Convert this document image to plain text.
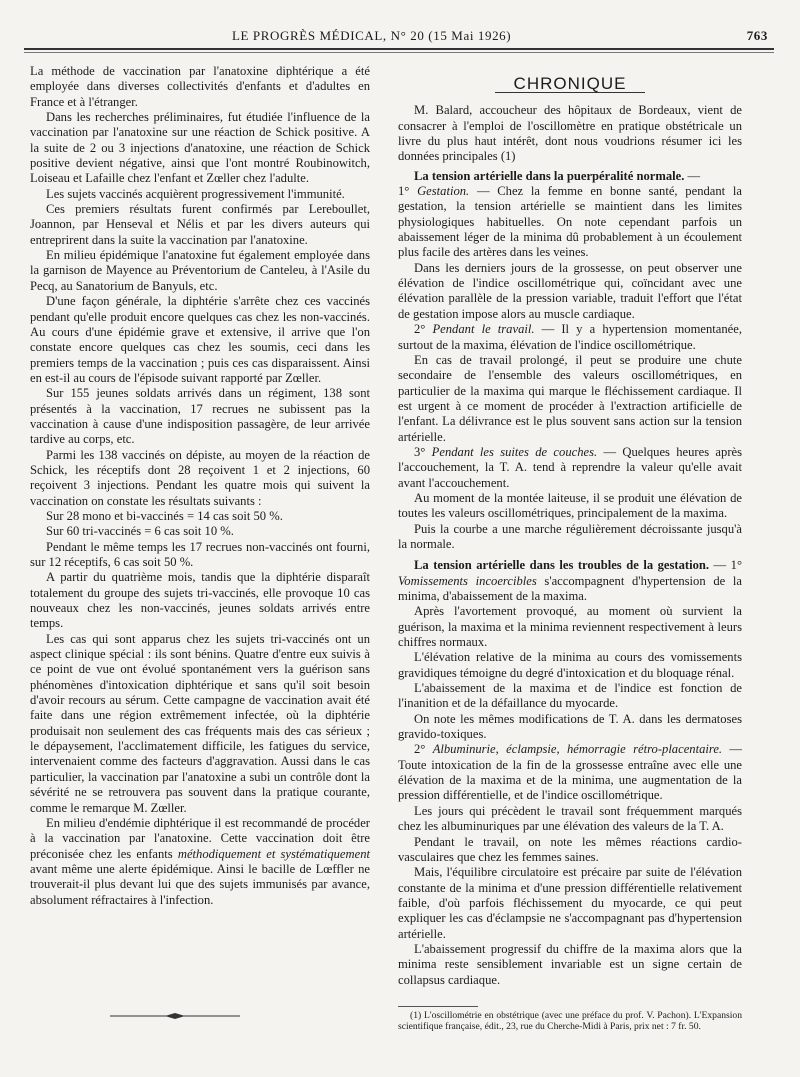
LE PROGRÈS MÉDICAL, N° 20 (15 Mai 1926)	763

La méthode de vaccination par l'anatoxine diphtérique a été employée dans diverses collectivités d'enfants et d'adultes en France et à l'étranger.

Dans les recherches préliminaires, fut étudiée l'influence de la vaccination par l'anatoxine sur une réaction de Schick positive. A la suite de 2 ou 3 injections d'anatoxine, une réaction de Schick positive devient négative, ainsi que l'ont montré Roubinowitch, Loiseau et Lafaille chez l'enfant et Zœller chez l'adulte.

Les sujets vaccinés acquièrent progressivement l'immunité.

Ces premiers résultats furent confirmés par Lereboullet, Joannon, par Henseval et Nélis et par les divers auteurs qui entreprirent dans la suite la vaccination par l'anatoxine.

En milieu épidémique l'anatoxine fut également employée dans la garnison de Mayence au Préventorium de Canteleu, à l'Asile du Pecq, au Sanatorium de Banyuls, etc.

D'une façon générale, la diphtérie s'arrête chez ces vaccinés pendant qu'elle produit encore quelques cas chez les non-vaccinés. Au cours d'une épidémie grave et extensive, il arrive que l'on constate encore quelques cas chez les soumis, ceci dans les premiers temps de la vaccination ; puis ces cas disparaissent. Ainsi en est-il au cours de l'épisode suivant rapporté par Zœller.

Sur 155 jeunes soldats arrivés dans un régiment, 138 sont présentés à la vaccination, 17 recrues ne subissent pas la vaccination à cause d'une indisposition passagère, de leur arrivée tardive au corps, etc.

Parmi les 138 vaccinés on dépiste, au moyen de la réaction de Schick, les réceptifs dont 28 reçoivent 1 et 2 injections, 60 reçoivent 3 injections. Pendant les quatre mois qui suivent la vaccination on constate les résultats suivants :

Sur 28 mono et bi-vaccinés = 14 cas soit 50 %.

Sur 60 tri-vaccinés = 6 cas soit 10 %.

Pendant le même temps les 17 recrues non-vaccinés ont fourni, sur 12 réceptifs, 6 cas soit 50 %.

A partir du quatrième mois, tandis que la diphtérie disparaît totalement du groupe des sujets tri-vaccinés, elle provoque 10 cas nouveaux chez les non-vaccinés, jeunes soldats arrivés entre temps.

Les cas qui sont apparus chez les sujets tri-vaccinés ont un aspect clinique spécial : ils sont bénins. Quatre d'entre eux suivis à ce point de vue ont évolué spontanément vers la guérison sans phénomènes d'intoxication diphtérique et sans qu'il soit besoin d'avoir recours au sérum. Cette campagne de vaccination avait été faite dans une région extrêmement infectée, où la diphtérie produisait non seulement des cas fréquents mais des cas sérieux ; le dépaysement, l'acclimatement difficile, les fatigues du service, intervenaient comme des facteurs d'aggravation. Aussi dans le cas particulier, la vaccination par l'anatoxine a subi un contrôle dont la sévérité ne se retrouvera pas souvent dans la pratique courante, comme le remarque M. Zœller.

En milieu d'endémie diphtérique il est recommandé de procéder à la vaccination par l'anatoxine. Cette vaccination doit être préconisée chez les enfants méthodiquement et systématiquement avant même une alerte épidémique. Ainsi le bacille de Lœffler ne trouverait-il plus devant lui que des sujets immunisés par avance, absolument réfractaires à l'infection.

CHRONIQUE

M. Balard, accoucheur des hôpitaux de Bordeaux, vient de consacrer à l'emploi de l'oscillomètre en pratique obstétricale un livre du plus haut intérêt, dont nous voudrions résumer ici les données principales (1)

La tension artérielle dans la puerpéralité normale. —

1° Gestation. — Chez la femme en bonne santé, pendant la gestation, la tension artérielle se maintient dans les limites physiologiques habituelles. On note cependant parfois un abaissement léger de la minima dû probablement à un écoulement plus facile des artères dans les veines.

Dans les derniers jours de la grossesse, on peut observer une élévation de l'indice oscillométrique qui, coïncidant avec une élévation parallèle de la pression variable, traduit l'effort que l'état de gestation impose alors au muscle cardiaque.

2° Pendant le travail. — Il y a hypertension momentanée, surtout de la maxima, élévation de l'indice oscillométrique.

En cas de travail prolongé, il peut se produire une chute secondaire de l'ensemble des valeurs oscillométriques, en particulier de la maxima qui marque le fléchissement cardiaque. Il est urgent à ce moment de procéder à l'extraction artificielle de l'enfant. La délivrance est le plus souvent sans action sur la tension artérielle.

3° Pendant les suites de couches. — Quelques heures après l'accouchement, la T. A. tend à reprendre la valeur qu'elle avait avant l'accouchement.

Au moment de la montée laiteuse, il se produit une élévation de toutes les valeurs oscillométriques, principalement de la maxima.

Puis la courbe a une marche régulièrement décroissante jusqu'à la normale.

La tension artérielle dans les troubles de la gestation. — 1° Vomissements incoercibles s'accompagnent d'hypertension de la minima, d'abaissement de la maxima.

Après l'avortement provoqué, au moment où survient la guérison, la maxima et la minima reviennent respectivement à leurs chiffres normaux.

L'élévation relative de la minima au cours des vomissements gravidiques témoigne du degré d'intoxication et du bloquage rénal.

L'abaissement de la maxima et de l'indice est fonction de l'inanition et de la défaillance du myocarde.

On note les mêmes modifications de T. A. dans les dermatoses gravido-toxiques.

2° Albuminurie, éclampsie, hémorragie rétro-placentaire. — Toute intoxication de la fin de la grossesse entraîne avec elle une élévation de la maxima et de la minima, une augmentation de la pression différentielle, et de l'indice oscillométrique.

Les jours qui précèdent le travail sont fréquemment marqués chez les albuminuriques par une élévation des valeurs de la T. A.

Pendant le travail, on note les mêmes réactions cardio-vasculaires que chez les femmes saines.

Mais, l'équilibre circulatoire est précaire par suite de l'élévation constante de la minima et d'une pression différentielle relativement faible, d'où parfois fléchissement du myocarde, ce qui peut expliquer les cas d'éclampsie ne s'accompagnant pas d'hypertension artérielle.

L'abaissement progressif du chiffre de la maxima alors que la minima reste sensiblement invariable est un signe certain de collapsus cardiaque.

(1) L'oscillométrie en obstétrique (avec une préface du prof. V. Pachon). L'Expansion scientifique française, édit., 23, rue du Cherche-Midi à Paris, prix net : 7 fr. 50.
